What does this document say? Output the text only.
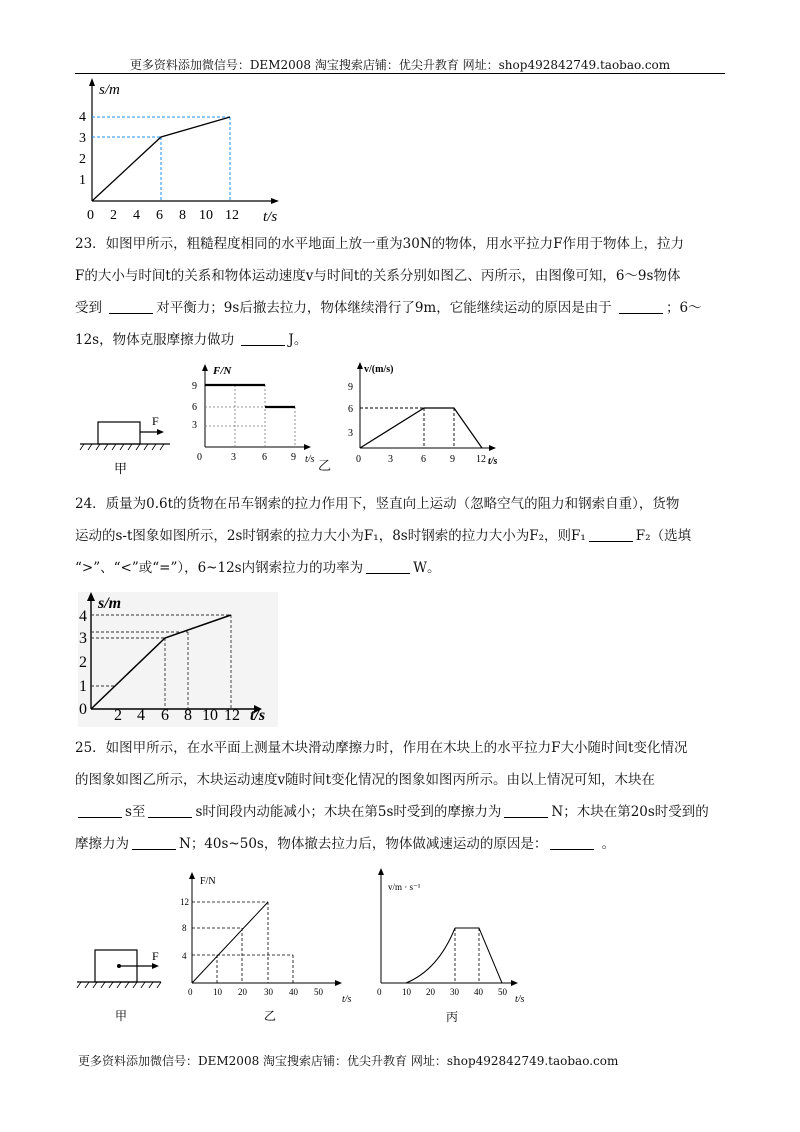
更多资料添加微信号：DEM2008 淘宝搜索店铺：优尖升教育 网址：shop492842749.taobao.com
s/m
t/s
1
2
3
4
0 2 4 6 8 10 12

23．如图甲所示，粗糙程度相同的水平地面上放一重为30N的物体，用水平拉力F作用于物体上，拉力

F的大小与时间t的关系和物体运动速度v与时间t的关系分别如图乙、丙所示，由图像可知，6～9s物体

受到	对平衡力；9s后撤去拉力，物体继续滑行了9m，它能继续运动的原因是由于	；6～

12s，物体克服摩擦力做功	J。

F
甲
F/N
t/s
3
6
9
0	3	6 9
乙
v/(m/s)
t/s
3
6
9
0	3	6 9 12

24．质量为0.6t的货物在吊车钢索的拉力作用下，竖直向上运动（忽略空气的阻力和钢索自重），货物

运动的s-t图象如图所示，2s时钢索的拉力大小为F₁，8s时钢索的拉力大小为F₂，则F₁	F₂（选填

“>”、“<”或“=”），6~12s内钢索拉力的功率为	W。

s/m
t/s
0
1
2
3
4
2 4 6 8 10 12

25．如图甲所示，在水平面上测量木块滑动摩擦力时，作用在木块上的水平拉力F大小随时间t变化情况

的图象如图乙所示，木块运动速度v随时间t变化情况的图象如图丙所示。由以上情况可知，木块在

s至	s时间段内动能减小；木块在第5s时受到的摩擦力为	N；木块在第20s时受到的

摩擦力为	N；40s~50s，物体撤去拉力后，物体做减速运动的原因是：	。

F
甲
F/N
t/s
4
8
12
0 10 20 30 40 50
乙
v/m · s⁻¹
t/s
0 10 20 30 40 50
丙
更多资料添加微信号：DEM2008 淘宝搜索店铺：优尖升教育 网址：shop492842749.taobao.com
